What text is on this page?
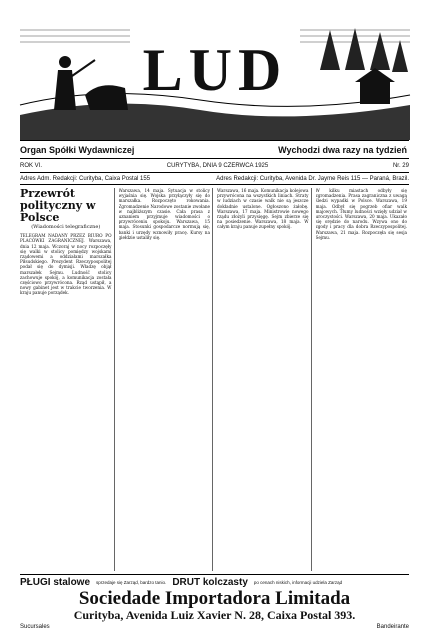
LUD
Organ Spółki Wydawniczej	Wychodzi dwa razy na tydzień
ROK VI.	CURYTYBA, DNIA 9 CZERWCA 1925	Nr. 29
Adres Adm. Redakcji: Curityba, Caixa Postal 155	Adres Redakcji: Curityba, Avenida Dr. Jayme Reis 115 — Paraná, Brazil.
Przewrót polityczny w Polsce
(Wiadomości telegraficzne)
TELEGRAM NADANY PRZEZ BIURO PO PLACÓWKI ZAGRANICZNEJ. Warszawa, dnia 12 maja. Wczoraj w nocy rozpoczęły się walki w stolicy pomiędzy wojskami rządowemi a oddziałami marszałka Piłsudskiego. Prezydent Rzeczypospolitej podał się do dymisji. Władzę objął marszałek Sejmu. Ludność stolicy zachowuje spokój, a komunikacja została częściowo przywrócona. Rząd ustąpił, a nowy gabinet jest w trakcie tworzenia. W kraju panuje porządek.
Warszawa, 14 maja. Sytuacja w stolicy wyjaśnia się. Wojska przyłączyły się do marszałka. Rozpoczęto rokowania. Zgromadzenie Narodowe zostanie zwołane w najbliższym czasie. Cała prasa z uznaniem przyjmuje wiadomości o przywróceniu spokoju. Warszawa, 15 maja. Stosunki gospodarcze normują się, banki i urzędy wznowiły pracę. Kursy na giełdzie ustaliły się.
Warszawa, 16 maja. Komunikacja kolejowa przywrócona na wszystkich liniach. Straty w ludziach w czasie walk nie są jeszcze dokładnie ustalone. Ogłoszono żałobę. Warszawa, 17 maja. Ministrowie nowego rządu złożyli przysięgę. Sejm zbierze się na posiedzenie. Warszawa, 18 maja. W całym kraju panuje zupełny spokój.
W kilku miastach odbyły się zgromadzenia. Prasa zagraniczna z uwagą śledzi wypadki w Polsce. Warszawa, 19 maja. Odbył się pogrzeb ofiar walk majowych. Tłumy ludności wzięły udział w uroczystości. Warszawa, 20 maja. Ukazało się orędzie do narodu. Wzywa ono do zgody i pracy dla dobra Rzeczypospolitej. Warszawa, 21 maja. Rozpoczęła się sesja Sejmu.
PŁUGI stalowe sprzedaje się Zarząd, bardzo tanio. DRUT kolczasty po cenach niskich, informacji udziela Zarząd
Sociedade Importadora Limitada
Curityba, Avenida Luiz Xavier N. 28, Caixa Postal 393.
Sucursales	Bandeirante
